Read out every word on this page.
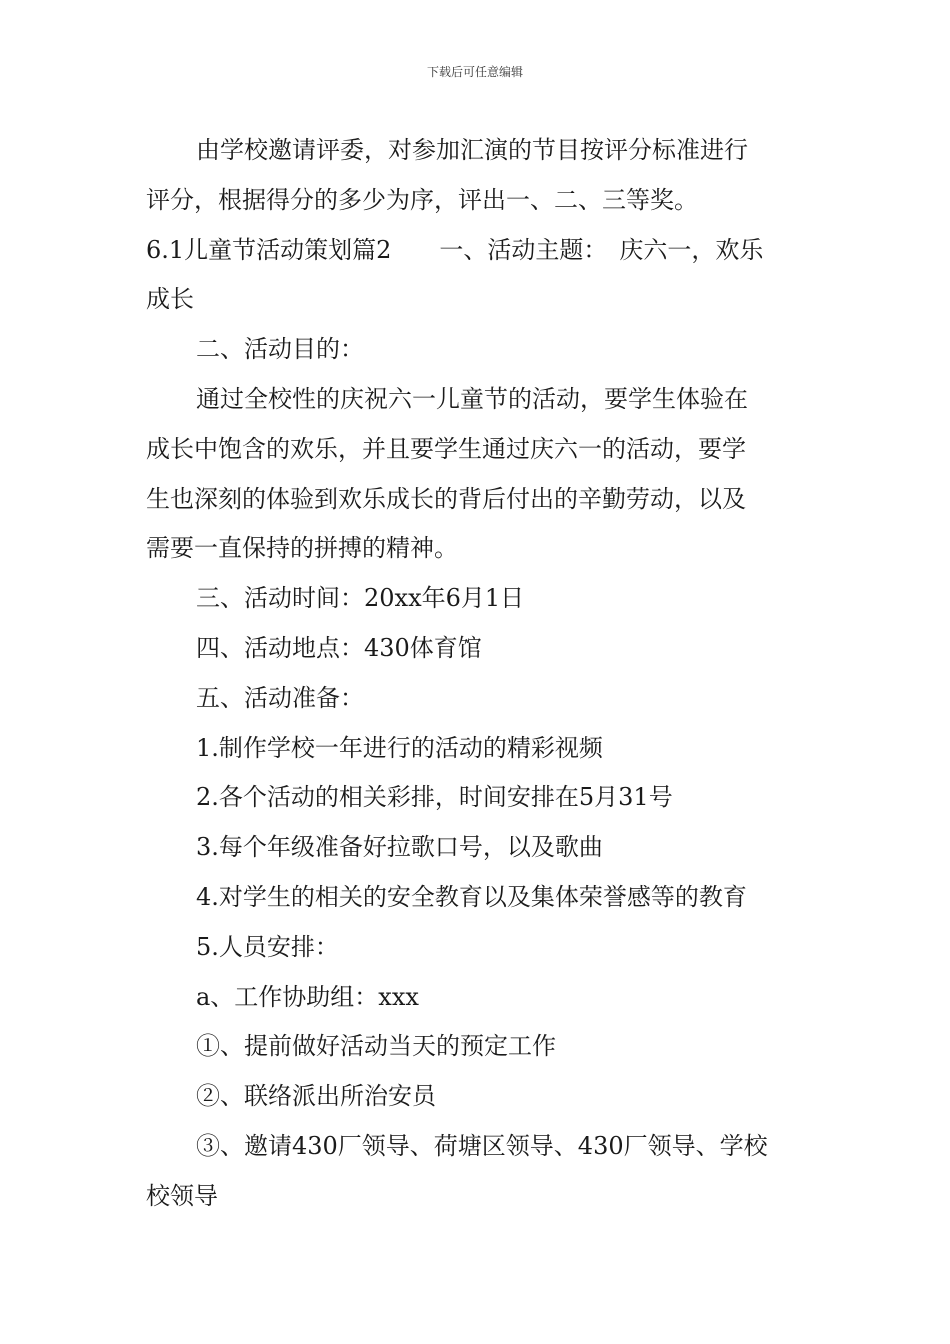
下载后可任意编辑

由学校邀请评委，对参加汇演的节目按评分标准进行

评分，根据得分的多少为序，评出一、二、三等奖。

6.1儿童节活动策划篇2　　一、活动主题：　庆六一，欢乐

成长

二、活动目的：

通过全校性的庆祝六一儿童节的活动，要学生体验在

成长中饱含的欢乐，并且要学生通过庆六一的活动，要学

生也深刻的体验到欢乐成长的背后付出的辛勤劳动，以及

需要一直保持的拼搏的精神。

三、活动时间：20xx年6月1日

四、活动地点：430体育馆

五、活动准备：

1.制作学校一年进行的活动的精彩视频

2.各个活动的相关彩排，时间安排在5月31号

3.每个年级准备好拉歌口号，以及歌曲

4.对学生的相关的安全教育以及集体荣誉感等的教育

5.人员安排：

a、工作协助组：xxx

①、提前做好活动当天的预定工作

②、联络派出所治安员

③、邀请430厂领导、荷塘区领导、430厂领导、学校

校领导
